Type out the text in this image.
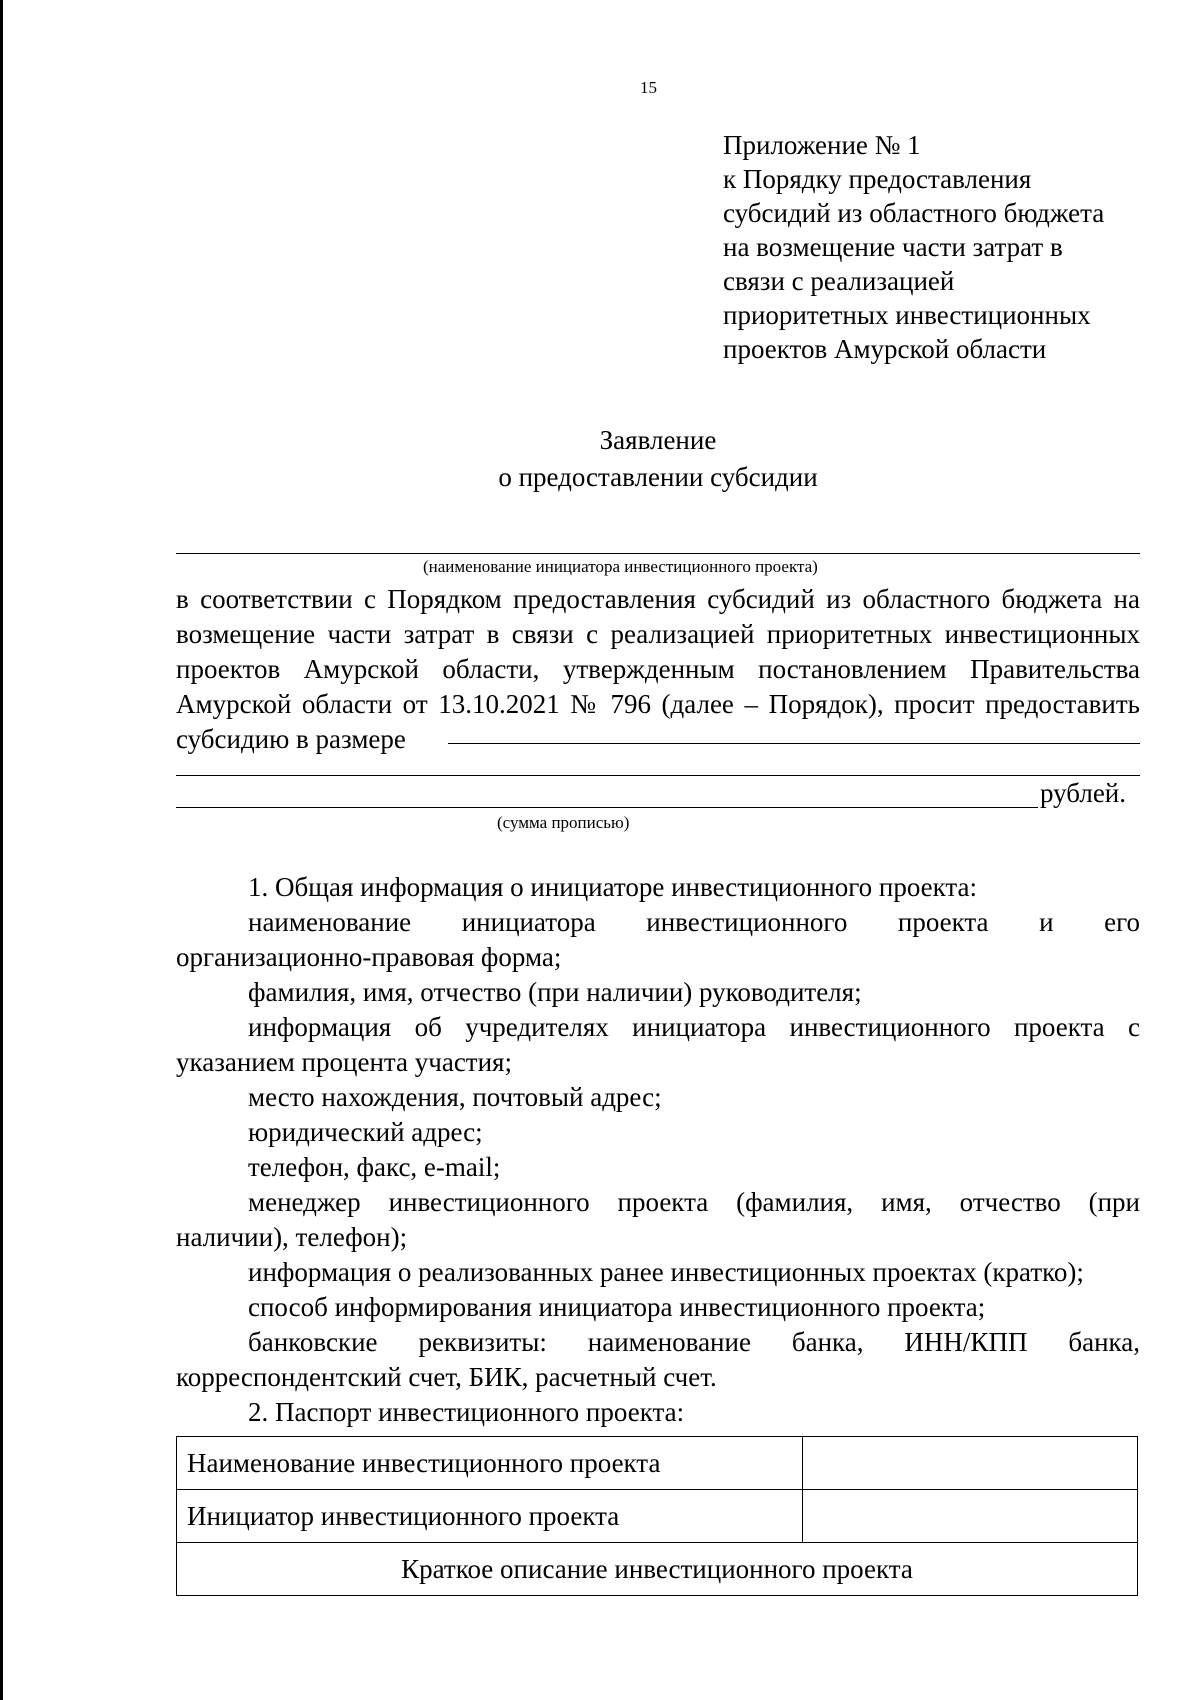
15
Приложение № 1
к Порядку предоставления
субсидий из областного бюджета
на возмещение части затрат в
связи с реализацией
приоритетных инвестиционных
проектов Амурской области
Заявление
о предоставлении субсидии
(наименование инициатора инвестиционного проекта)
в соответствии с Порядком предоставления субсидий из областного бюджета на
возмещение части затрат в связи с реализацией приоритетных инвестиционных
проектов Амурской области, утвержденным постановлением Правительства
Амурской области от 13.10.2021 № 796 (далее – Порядок), просит предоставить
субсидию в размере
рублей.
(сумма прописью)
1. Общая информация о инициаторе инвестиционного проекта:
наименование инициатора инвестиционного проекта и его
организационно-правовая форма;
фамилия, имя, отчество (при наличии) руководителя;
информация об учредителях инициатора инвестиционного проекта с
указанием процента участия;
место нахождения, почтовый адрес;
юридический адрес;
телефон, факс, e-mail;
менеджер инвестиционного проекта (фамилия, имя, отчество (при
наличии), телефон);
информация о реализованных ранее инвестиционных проектах (кратко);
способ информирования инициатора инвестиционного проекта;
банковские реквизиты: наименование банка, ИНН/КПП банка,
корреспондентский счет, БИК, расчетный счет.
2. Паспорт инвестиционного проекта:
Наименование инвестиционного проекта	
Инициатор инвестиционного проекта	
Краткое описание инвестиционного проекта	
